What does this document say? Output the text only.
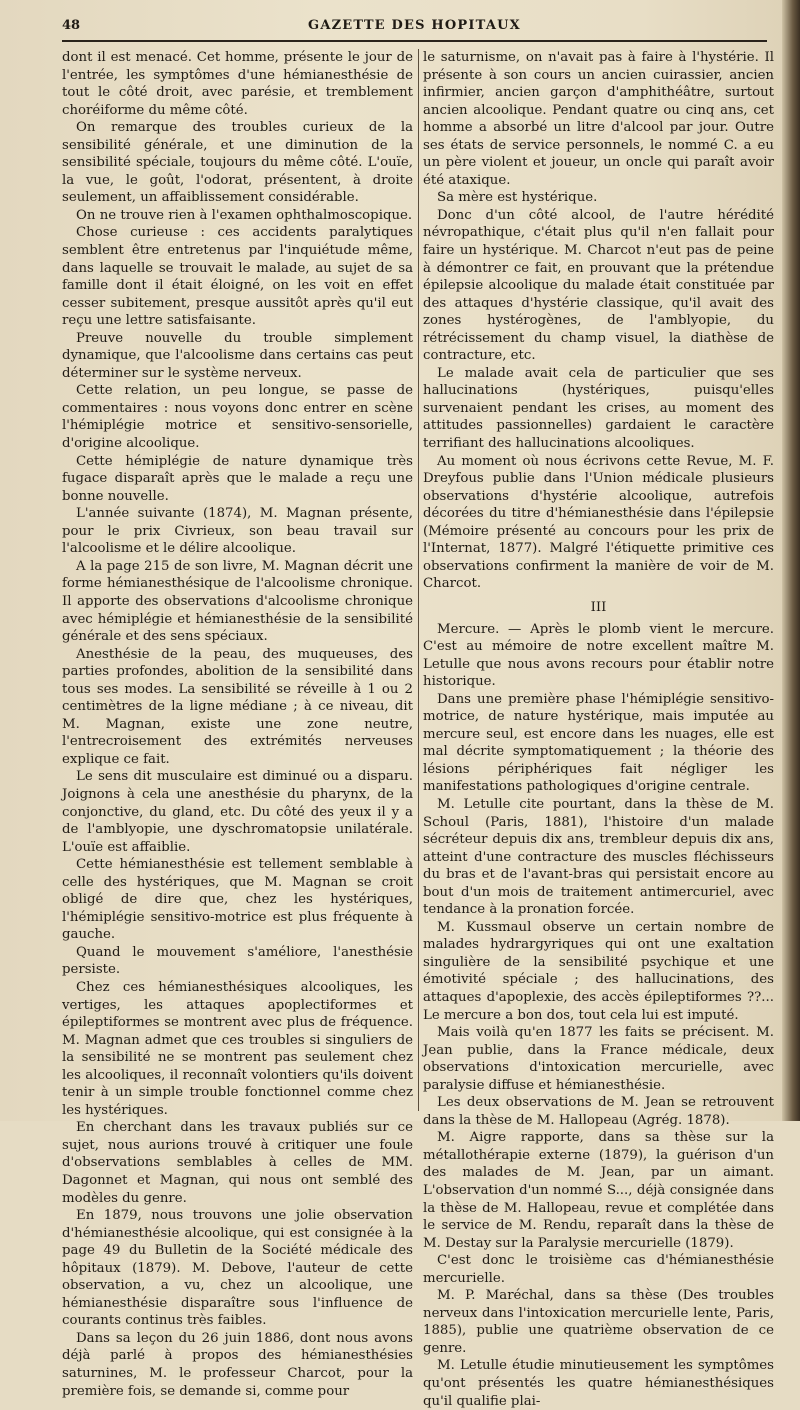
48	GAZETTE DES HOPITAUX

dont il est menacé. Cet homme, présente le jour de l'entrée, les symptômes d'une hémianesthésie de tout le côté droit, avec parésie, et tremblement choréiforme du même côté.

On remarque des troubles curieux de la sensibilité générale, et une diminution de la sensibilité spéciale, toujours du même côté. L'ouïe, la vue, le goût, l'odorat, présentent, à droite seulement, un affaiblissement considérable.

On ne trouve rien à l'examen ophthalmoscopique.

Chose curieuse : ces accidents paralytiques semblent être entretenus par l'inquiétude même, dans laquelle se trouvait le malade, au sujet de sa famille dont il était éloigné, on les voit en effet cesser subitement, presque aussitôt après qu'il eut reçu une lettre satisfaisante.

Preuve nouvelle du trouble simplement dynamique, que l'alcoolisme dans certains cas peut déterminer sur le système nerveux.

Cette relation, un peu longue, se passe de commentaires : nous voyons donc entrer en scène l'hémiplégie motrice et sensitivo-sensorielle, d'origine alcoolique.

Cette hémiplégie de nature dynamique très fugace disparaît après que le malade a reçu une bonne nouvelle.

L'année suivante (1874), M. Magnan présente, pour le prix Civrieux, son beau travail sur l'alcoolisme et le délire alcoolique.

A la page 215 de son livre, M. Magnan décrit une forme hémianesthésique de l'alcoolisme chronique. Il apporte des observations d'alcoolisme chronique avec hémiplégie et hémianesthésie de la sensibilité générale et des sens spéciaux.

Anesthésie de la peau, des muqueuses, des parties profondes, abolition de la sensibilité dans tous ses modes. La sensibilité se réveille à 1 ou 2 centimètres de la ligne médiane ; à ce niveau, dit M. Magnan, existe une zone neutre, l'entrecroisement des extrémités nerveuses explique ce fait.

Le sens dit musculaire est diminué ou a disparu. Joignons à cela une anesthésie du pharynx, de la conjonctive, du gland, etc. Du côté des yeux il y a de l'amblyopie, une dyschromatopsie unilatérale. L'ouïe est affaiblie.

Cette hémianesthésie est tellement semblable à celle des hystériques, que M. Magnan se croit obligé de dire que, chez les hystériques, l'hémiplégie sensitivo-motrice est plus fréquente à gauche.

Quand le mouvement s'améliore, l'anesthésie persiste.

Chez ces hémianesthésiques alcooliques, les vertiges, les attaques apoplectiformes et épileptiformes se montrent avec plus de fréquence. M. Magnan admet que ces troubles si singuliers de la sensibilité ne se montrent pas seulement chez les alcooliques, il reconnaît volontiers qu'ils doivent tenir à un simple trouble fonctionnel comme chez les hystériques.

En cherchant dans les travaux publiés sur ce sujet, nous aurions trouvé à critiquer une foule d'observations semblables à celles de MM. Dagonnet et Magnan, qui nous ont semblé des modèles du genre.

En 1879, nous trouvons une jolie observation d'hémianesthésie alcoolique, qui est consignée à la page 49 du Bulletin de la Société médicale des hôpitaux (1879). M. Debove, l'auteur de cette observation, a vu, chez un alcoolique, une hémianesthésie disparaître sous l'influence de courants continus très faibles.

Dans sa leçon du 26 juin 1886, dont nous avons déjà parlé à propos des hémianesthésies saturnines, M. le professeur Charcot, pour la première fois, se demande si, comme pour

le saturnisme, on n'avait pas à faire à l'hystérie. Il présente à son cours un ancien cuirassier, ancien infirmier, ancien garçon d'amphithéâtre, surtout ancien alcoolique. Pendant quatre ou cinq ans, cet homme a absorbé un litre d'alcool par jour. Outre ses états de service personnels, le nommé C. a eu un père violent et joueur, un oncle qui paraît avoir été ataxique.

Sa mère est hystérique.

Donc d'un côté alcool, de l'autre hérédité névropathique, c'était plus qu'il n'en fallait pour faire un hystérique. M. Charcot n'eut pas de peine à démontrer ce fait, en prouvant que la prétendue épilepsie alcoolique du malade était constituée par des attaques d'hystérie classique, qu'il avait des zones hystérogènes, de l'amblyopie, du rétrécissement du champ visuel, la diathèse de contracture, etc.

Le malade avait cela de particulier que ses hallucinations (hystériques, puisqu'elles survenaient pendant les crises, au moment des attitudes passionnelles) gardaient le caractère terrifiant des hallucinations alcooliques.

Au moment où nous écrivons cette Revue, M. F. Dreyfous publie dans l'Union médicale plusieurs observations d'hystérie alcoolique, autrefois décorées du titre d'hémianesthésie dans l'épilepsie (Mémoire présenté au concours pour les prix de l'Internat, 1877). Malgré l'étiquette primitive ces observations confirment la manière de voir de M. Charcot.

III

Mercure. — Après le plomb vient le mercure. C'est au mémoire de notre excellent maître M. Letulle que nous avons recours pour établir notre historique.

Dans une première phase l'hémiplégie sensitivo-motrice, de nature hystérique, mais imputée au mercure seul, est encore dans les nuages, elle est mal décrite symptomatiquement ; la théorie des lésions périphériques fait négliger les manifestations pathologiques d'origine centrale.

M. Letulle cite pourtant, dans la thèse de M. Schoul (Paris, 1881), l'histoire d'un malade sécréteur depuis dix ans, trembleur depuis dix ans, atteint d'une contracture des muscles fléchisseurs du bras et de l'avant-bras qui persistait encore au bout d'un mois de traitement antimercuriel, avec tendance à la pronation forcée.

M. Kussmaul observe un certain nombre de malades hydrargyriques qui ont une exaltation singulière de la sensibilité psychique et une émotivité spéciale ; des hallucinations, des attaques d'apoplexie, des accès épileptiformes ??... Le mercure a bon dos, tout cela lui est imputé.

Mais voilà qu'en 1877 les faits se précisent. M. Jean publie, dans la France médicale, deux observations d'intoxication mercurielle, avec paralysie diffuse et hémianesthésie.

Les deux observations de M. Jean se retrouvent dans la thèse de M. Hallopeau (Agrég. 1878).

M. Aigre rapporte, dans sa thèse sur la métallothérapie externe (1879), la guérison d'un des malades de M. Jean, par un aimant. L'observation d'un nommé S..., déjà consignée dans la thèse de M. Hallopeau, revue et complétée dans le service de M. Rendu, reparaît dans la thèse de M. Destay sur la Paralysie mercurielle (1879).

C'est donc le troisième cas d'hémianesthésie mercurielle.

M. P. Maréchal, dans sa thèse (Des troubles nerveux dans l'intoxication mercurielle lente, Paris, 1885), publie une quatrième observation de ce genre.

M. Letulle étudie minutieusement les symptômes qu'ont présentés les quatre hémianesthésiques qu'il qualifie plai-
